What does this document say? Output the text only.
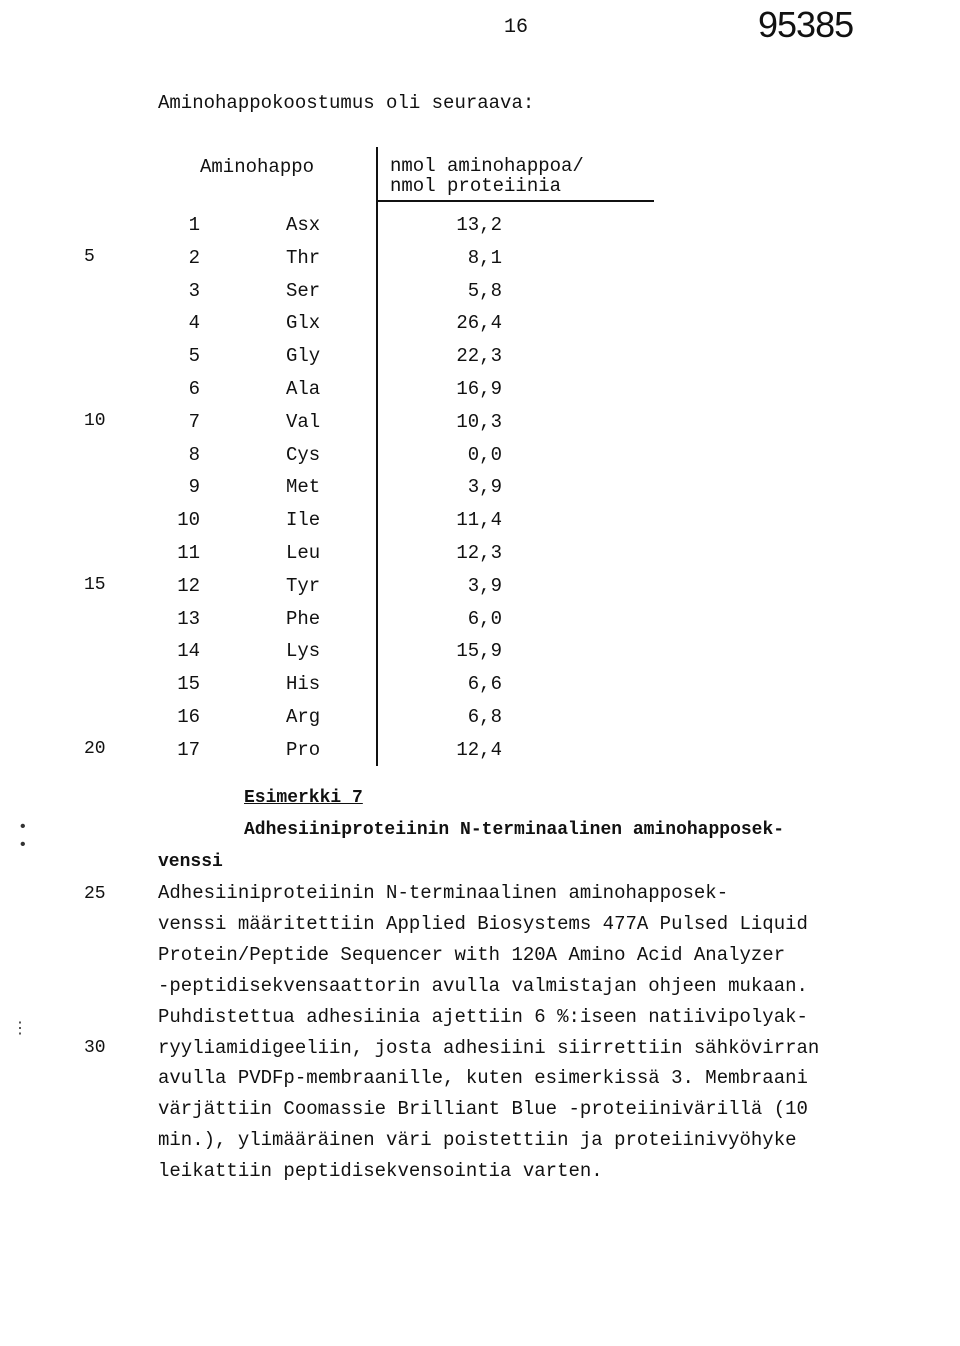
16	95385
Aminohappokoostumus oli seuraava:
Aminohappo	nmol aminohappoa/
nmol proteiinia
1	Asx	13,2
5	2	Thr	8,1
3	Ser	5,8
4	Glx	26,4
5	Gly	22,3
6	Ala	16,9
10	7	Val	10,3
8	Cys	0,0
9	Met	3,9
10	Ile	11,4
11	Leu	12,3
15	12	Tyr	3,9
13	Phe	6,0
14	Lys	15,9
15	His	6,6
16	Arg	6,8
20	17	Pro	12,4
Esimerkki 7
Adhesiiniproteiinin N-terminaalinen aminohapposek-
venssi
Adhesiiniproteiinin N-terminaalinen aminohapposek-
venssi määritettiin Applied Biosystems 477A Pulsed Liquid
Protein/Peptide Sequencer with 120A Amino Acid Analyzer
-peptidisekvensaattorin avulla valmistajan ohjeen mukaan.
Puhdistettua adhesiinia ajettiin 6 %:iseen natiivipolyak-
ryyliamidigeeliin, josta adhesiini siirrettiin sähkövirran
avulla PVDFp-membraanille, kuten esimerkissä 3. Membraani
värjättiin Coomassie Brilliant Blue -proteiinivärillä (10
min.), ylimääräinen väri poistettiin ja proteiinivyöhyke
leikattiin peptidisekvensointia varten.
25
30
•
•
⋮
